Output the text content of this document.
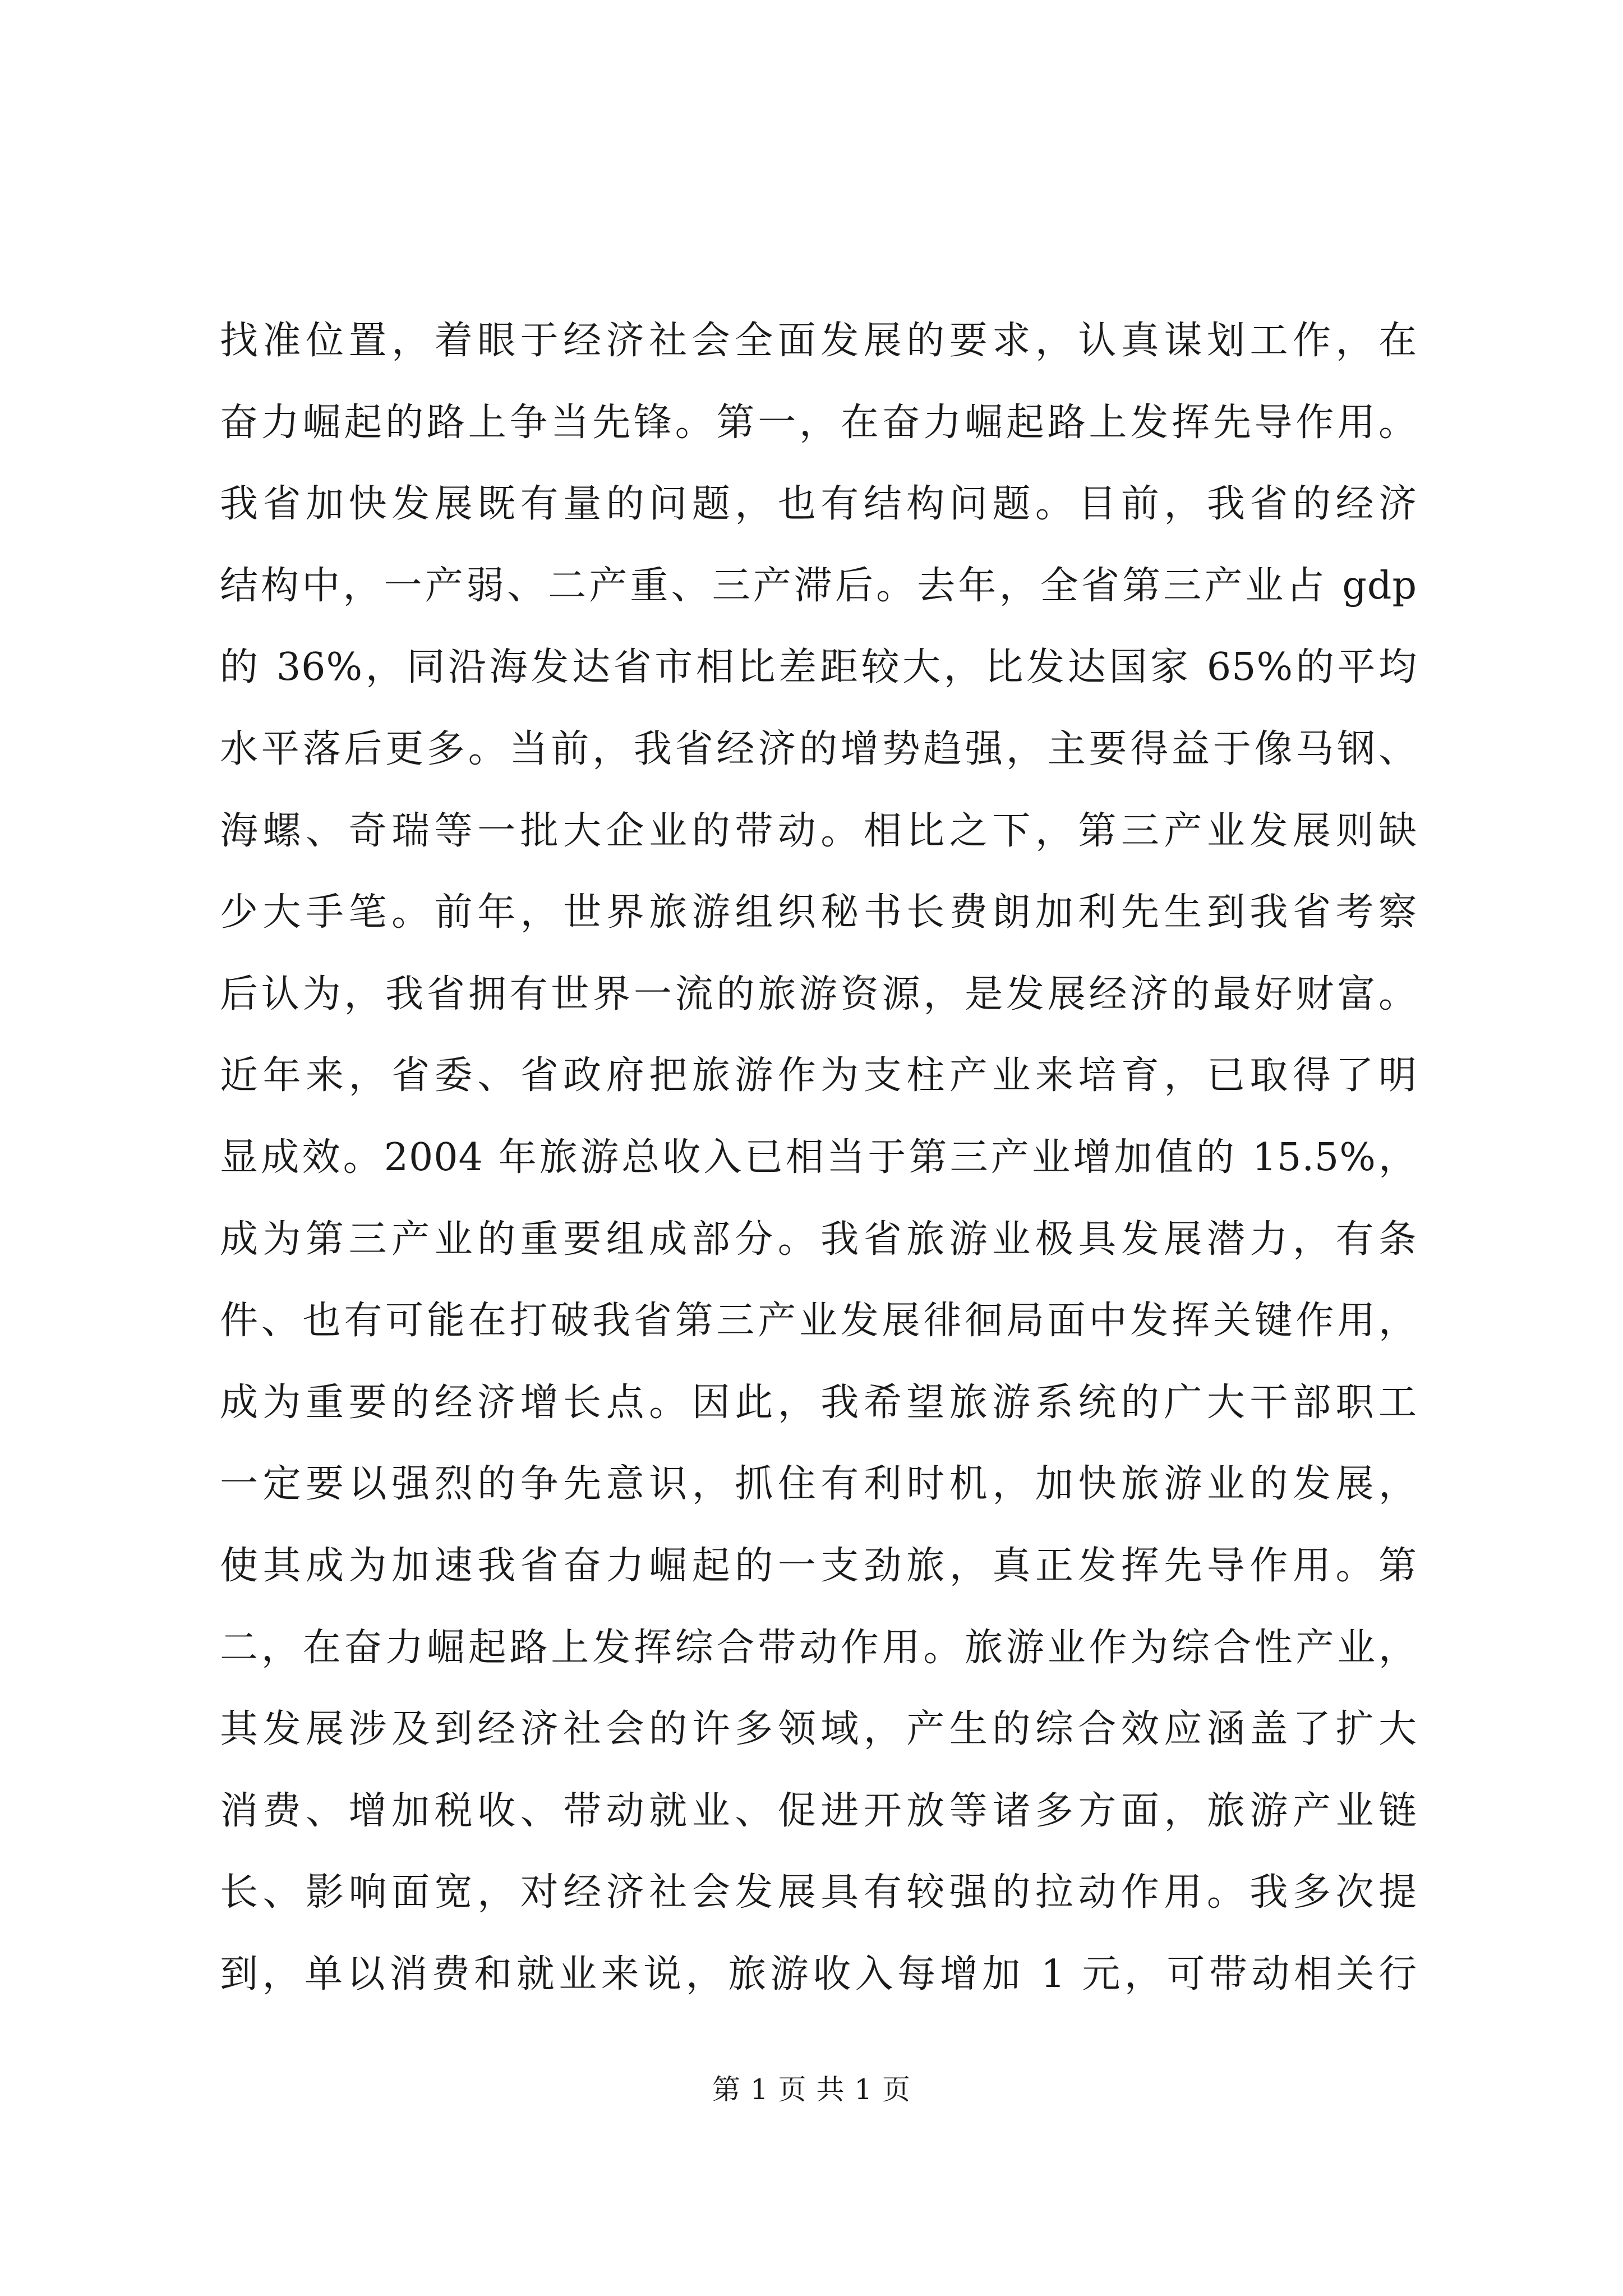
找准位置，着眼于经济社会全面发展的要求，认真谋划工作，在
奋力崛起的路上争当先锋。第一，在奋力崛起路上发挥先导作用。
我省加快发展既有量的问题，也有结构问题。目前，我省的经济
结构中，一产弱、二产重、三产滞后。去年，全省第三产业占 gdp
的 36%，同沿海发达省市相比差距较大，比发达国家 65%的平均
水平落后更多。当前，我省经济的增势趋强，主要得益于像马钢、
海螺、奇瑞等一批大企业的带动。相比之下，第三产业发展则缺
少大手笔。前年，世界旅游组织秘书长费朗加利先生到我省考察
后认为，我省拥有世界一流的旅游资源，是发展经济的最好财富。
近年来，省委、省政府把旅游作为支柱产业来培育，已取得了明
显成效。2004 年旅游总收入已相当于第三产业增加值的 15.5%，
成为第三产业的重要组成部分。我省旅游业极具发展潜力，有条
件、也有可能在打破我省第三产业发展徘徊局面中发挥关键作用，
成为重要的经济增长点。因此，我希望旅游系统的广大干部职工
一定要以强烈的争先意识，抓住有利时机，加快旅游业的发展，
使其成为加速我省奋力崛起的一支劲旅，真正发挥先导作用。第
二，在奋力崛起路上发挥综合带动作用。旅游业作为综合性产业，
其发展涉及到经济社会的许多领域，产生的综合效应涵盖了扩大
消费、增加税收、带动就业、促进开放等诸多方面，旅游产业链
长、影响面宽，对经济社会发展具有较强的拉动作用。我多次提
到，单以消费和就业来说，旅游收入每增加 1 元，可带动相关行
第 1 页 共 1 页
